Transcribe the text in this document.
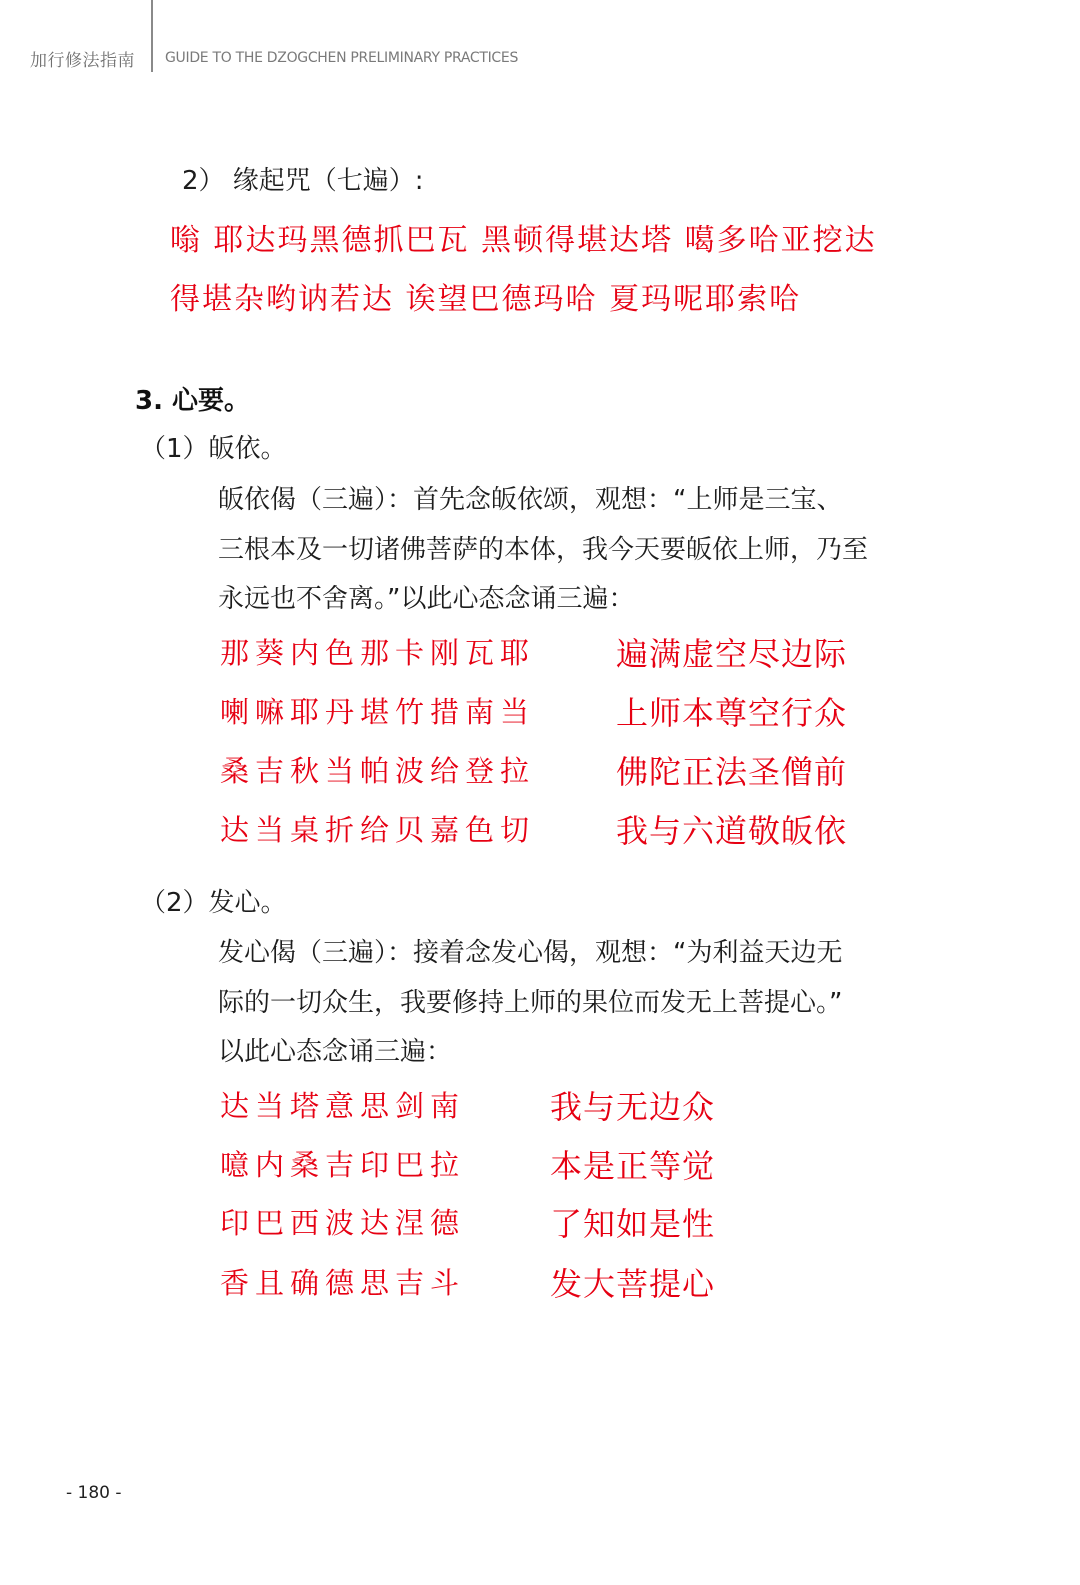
加行修法指南 GUIDE TO THE DZOGCHEN PRELIMINARY PRACTICES
2） 缘起咒（七遍）:
嗡 耶达玛黑德抓巴瓦 黑顿得堪达塔 噶多哈亚挖达
得堪杂哟讷若达 诶望巴德玛哈 夏玛呢耶索哈
3. 心要。
（1）皈依。
皈依偈（三遍）：首先念皈依颂，观想：“上师是三宝、
三根本及一切诸佛菩萨的本体，我今天要皈依上师，乃至
永远也不舍离。”以此心态念诵三遍：
那葵内色那卡刚瓦耶	遍满虚空尽边际
喇嘛耶丹堪竹措南当	上师本尊空行众
桑吉秋当帕波给登拉	佛陀正法圣僧前
达当桌折给贝嘉色切	我与六道敬皈依
（2）发心。
发心偈（三遍）：接着念发心偈，观想：“为利益天边无
际的一切众生，我要修持上师的果位而发无上菩提心。”
以此心态念诵三遍：
达当塔意思剑南	我与无边众
噫内桑吉印巴拉	本是正等觉
印巴西波达涅德	了知如是性
香且确德思吉斗	发大菩提心
- 180 -
